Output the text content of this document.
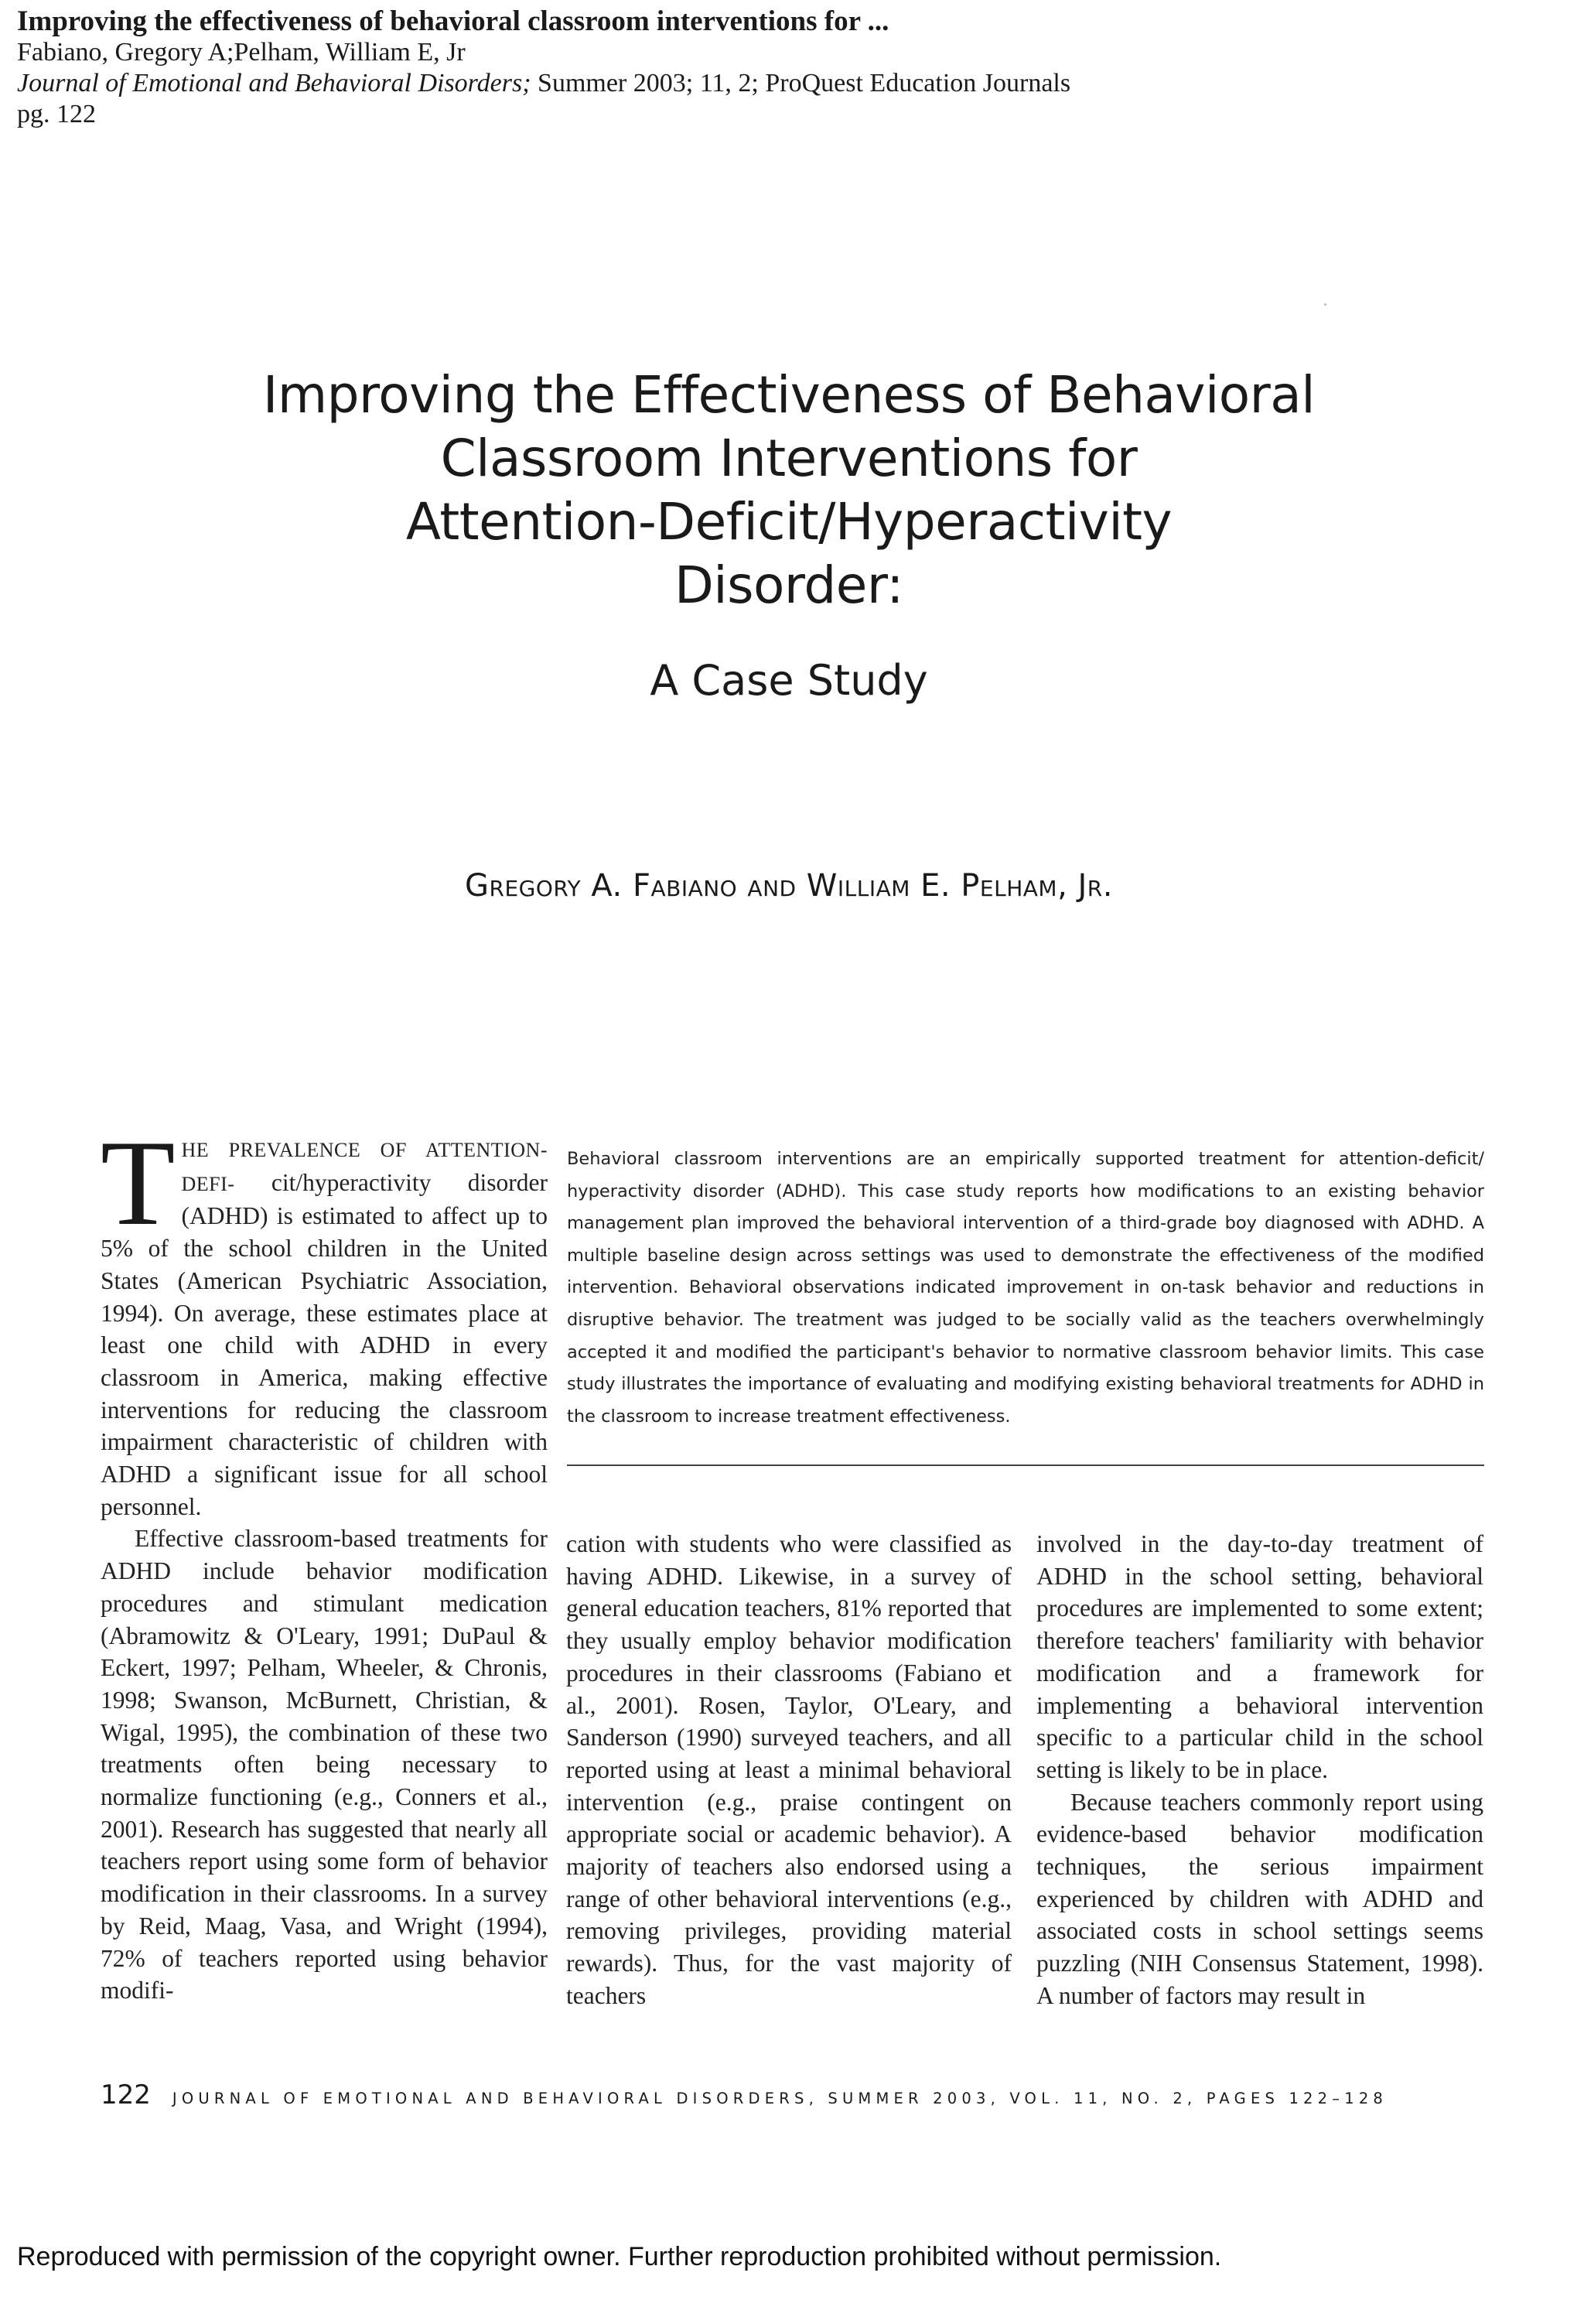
Improving the effectiveness of behavioral classroom interventions for ...
Fabiano, Gregory A;Pelham, William E, Jr
Journal of Emotional and Behavioral Disorders; Summer 2003; 11, 2; ProQuest Education Journals
pg. 122
Improving the Effectiveness of Behavioral
Classroom Interventions for
Attention-Deficit/Hyperactivity
Disorder:
A Case Study
Gregory A. Fabiano and William E. Pelham, Jr.
Behavioral classroom interventions are an empirically supported treatment for attention-deficit/ hyperactivity disorder (ADHD). This case study reports how modifications to an existing behavior management plan improved the behavioral intervention of a third-grade boy diagnosed with ADHD. A multiple baseline design across settings was used to demonstrate the effectiveness of the modified intervention. Behavioral observations indicated improvement in on-task behavior and reductions in disruptive behavior. The treatment was judged to be socially valid as the teachers overwhelmingly accepted it and modified the participant's behavior to normative classroom behavior limits. This case study illustrates the importance of evaluating and modifying existing behavioral treatments for ADHD in the classroom to increase treatment effectiveness.

THE PREVALENCE OF ATTENTION-DEFI- cit/hyperactivity disorder (ADHD) is estimated to affect up to 5% of the school children in the United States (American Psychiatric Association, 1994). On average, these estimates place at least one child with ADHD in every classroom in America, making effective interventions for reducing the classroom impairment characteristic of children with ADHD a significant issue for all school personnel.

Effective classroom-based treatments for ADHD include behavior modification procedures and stimulant medication (Abramowitz & O'Leary, 1991; DuPaul & Eckert, 1997; Pelham, Wheeler, & Chronis, 1998; Swanson, McBurnett, Christian, & Wigal, 1995), the combination of these two treatments often being necessary to normalize functioning (e.g., Conners et al., 2001). Research has suggested that nearly all teachers report using some form of behavior modification in their classrooms. In a survey by Reid, Maag, Vasa, and Wright (1994), 72% of teachers reported using behavior modifi-

cation with students who were classified as having ADHD. Likewise, in a survey of general education teachers, 81% reported that they usually employ behavior modification procedures in their classrooms (Fabiano et al., 2001). Rosen, Taylor, O'Leary, and Sanderson (1990) surveyed teachers, and all reported using at least a minimal behavioral intervention (e.g., praise contingent on appropriate social or academic behavior). A majority of teachers also endorsed using a range of other behavioral interventions (e.g., removing privileges, providing material rewards). Thus, for the vast majority of teachers

involved in the day-to-day treatment of ADHD in the school setting, behavioral procedures are implemented to some extent; therefore teachers' familiarity with behavior modification and a framework for implementing a behavioral intervention specific to a particular child in the school setting is likely to be in place.

Because teachers commonly report using evidence-based behavior modification techniques, the serious impairment experienced by children with ADHD and associated costs in school settings seems puzzling (NIH Consensus Statement, 1998). A number of factors may result in

122 JOURNAL OF EMOTIONAL AND BEHAVIORAL DISORDERS, SUMMER 2003, VOL. 11, NO. 2, PAGES 122–128
Reproduced with permission of the copyright owner. Further reproduction prohibited without permission.
